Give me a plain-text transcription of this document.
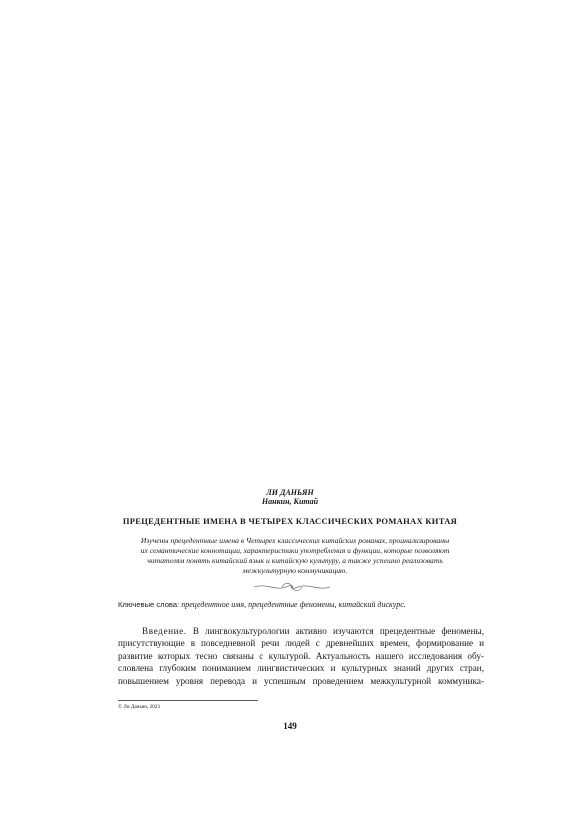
ЛИ ДАНЬЯН
Нанкин, Китай
ПРЕЦЕДЕНТНЫЕ ИМЕНА В ЧЕТЫРЕХ КЛАССИЧЕСКИХ РОМАНАХ КИТАЯ
Изучены прецедентные имена в Четырех классических китайских романах, проанализированы
их семантические коннотации, характеристики употребления и функции, которые позволяют
читателям понять китайский язык и китайскую культуру, а также успешно реализовать
межкультурную коммуникацию.
Ключевые слова: прецедентное имя, прецедентные феномены, китайский дискурс.
Введение. В лингвокультурологии активно изучаются прецедентные феномены,
присутствующие в повседневной речи людей с древнейших времен, формирование и
развитие которых тесно связаны с культурой. Актуальность нашего исследования обу-
словлена глубоким пониманием лингвистических и культурных знаний других стран,
повышением уровня перевода и успешным проведением межкультурной коммуника-
© Ли Даньян, 2023
149
